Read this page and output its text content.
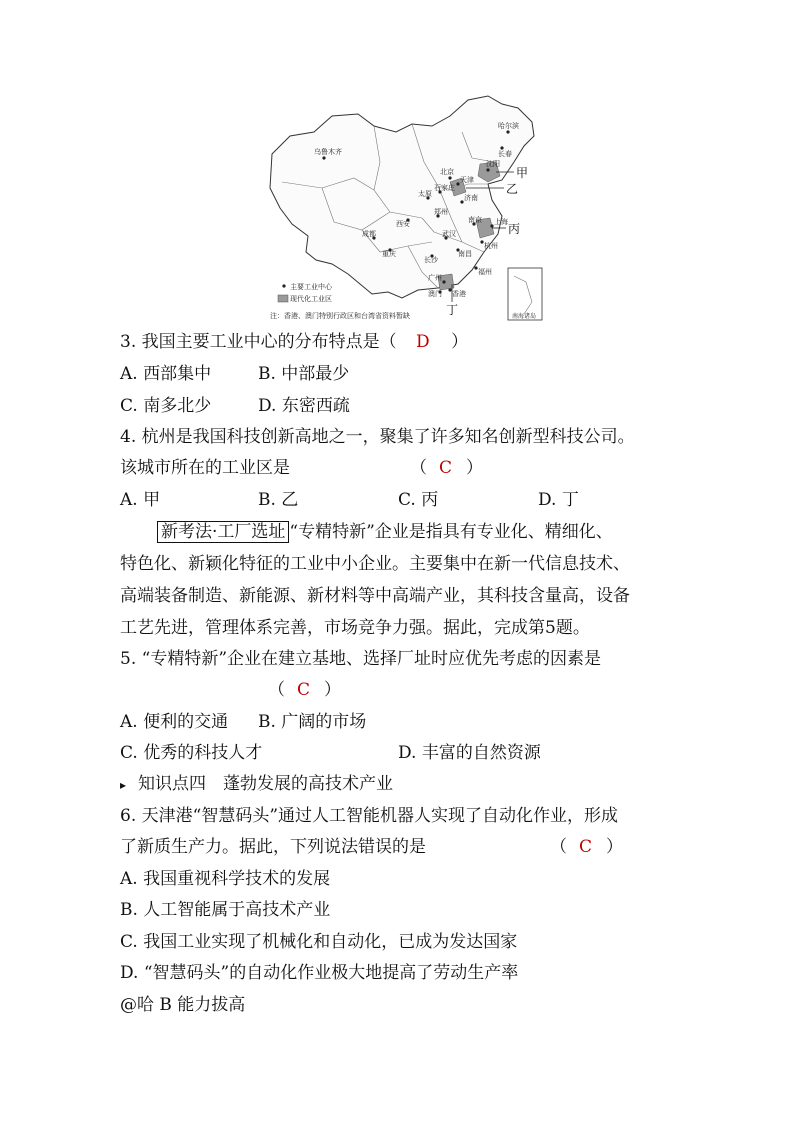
乌鲁木齐
哈尔滨
长春
沈阳
北京
天津
石家庄
太原	济南
西安
郑州
南京 上海
武汉
成都
重庆
长沙
南昌
杭州
福州
广州
香港
澳门
甲
乙
丙
丁	南海诸岛
主要工业中心
现代化工业区
注：香港、澳门特别行政区和台湾省资料暂缺
3. 我国主要工业中心的分布特点是（ D ）
A. 西部集中	B. 中部最少
C. 南多北少	D. 东密西疏
4. 杭州是我国科技创新高地之一，聚集了许多知名创新型科技公司。
该城市所在的工业区是	（ C ）
A. 甲	B. 乙	C. 丙	D. 丁
新考法·工厂选址 “专精特新”企业是指具有专业化、精细化、
特色化、新颖化特征的工业中小企业。主要集中在新一代信息技术、
高端装备制造、新能源、新材料等中高端产业，其科技含量高，设备
工艺先进，管理体系完善，市场竞争力强。据此，完成第5题。
5. “专精特新”企业在建立基地、选择厂址时应优先考虑的因素是
（ C ）
A. 便利的交通 B. 广阔的市场
C. 优秀的科技人才	D. 丰富的自然资源
▸ 知识点四　蓬勃发展的高技术产业
6. 天津港“智慧码头”通过人工智能机器人实现了自动化作业，形成
了新质生产力。据此，下列说法错误的是	（ C ）
A. 我国重视科学技术的发展
B. 人工智能属于高技术产业
C. 我国工业实现了机械化和自动化，已成为发达国家
D. “智慧码头”的自动化作业极大地提高了劳动生产率
@哈 B 能力拔高
